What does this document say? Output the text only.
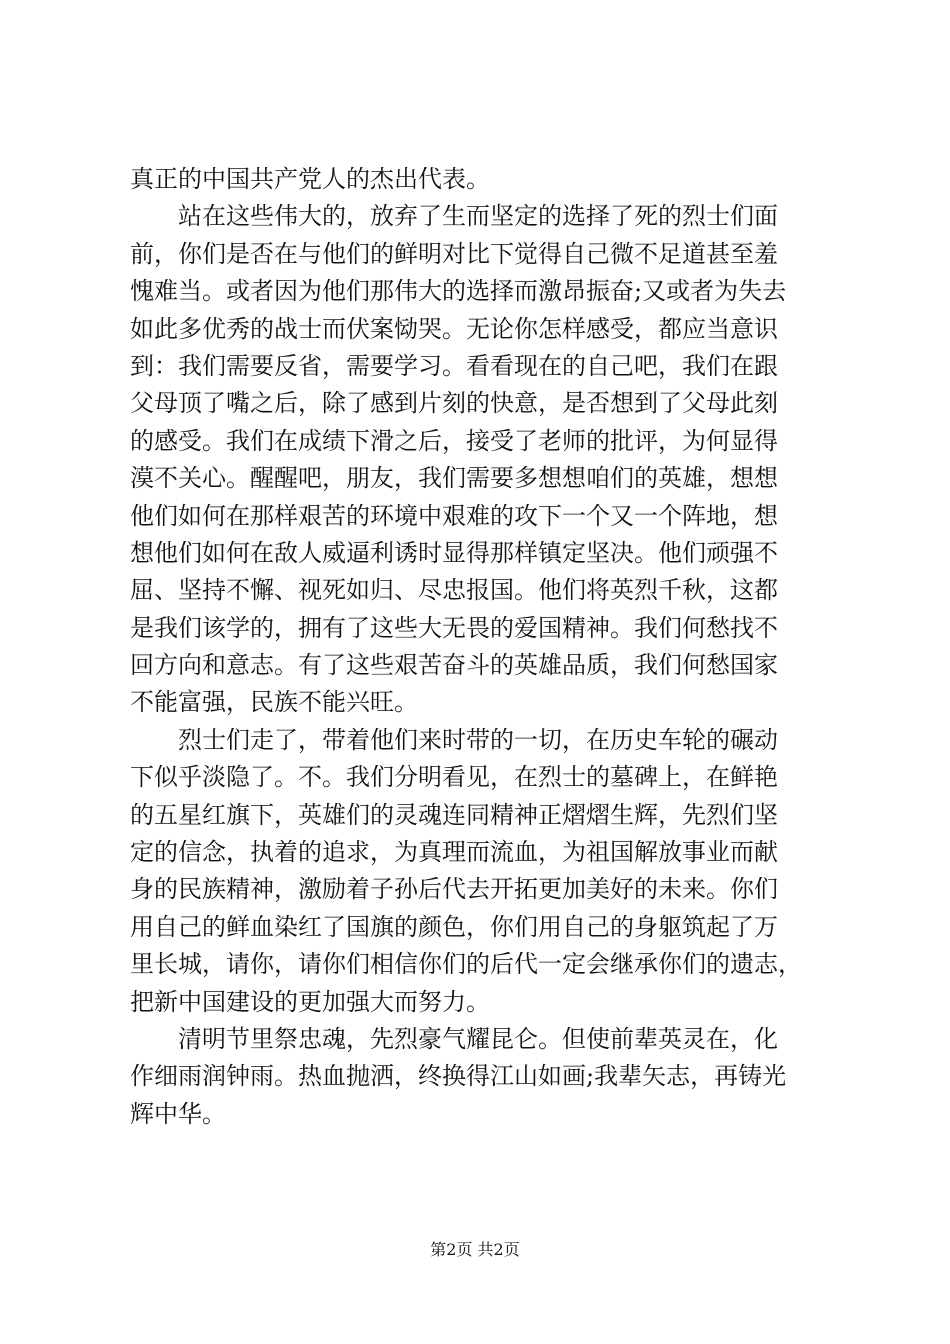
真正的中国共产党人的杰出代表。
站在这些伟大的，放弃了生而坚定的选择了死的烈士们面
前，你们是否在与他们的鲜明对比下觉得自己微不足道甚至羞
愧难当。或者因为他们那伟大的选择而激昂振奋;又或者为失去
如此多优秀的战士而伏案恸哭。无论你怎样感受，都应当意识
到：我们需要反省，需要学习。看看现在的自己吧，我们在跟
父母顶了嘴之后，除了感到片刻的快意，是否想到了父母此刻
的感受。我们在成绩下滑之后，接受了老师的批评，为何显得
漠不关心。醒醒吧，朋友，我们需要多想想咱们的英雄，想想
他们如何在那样艰苦的环境中艰难的攻下一个又一个阵地，想
想他们如何在敌人威逼利诱时显得那样镇定坚决。他们顽强不
屈、坚持不懈、视死如归、尽忠报国。他们将英烈千秋，这都
是我们该学的，拥有了这些大无畏的爱国精神。我们何愁找不
回方向和意志。有了这些艰苦奋斗的英雄品质，我们何愁国家
不能富强，民族不能兴旺。
烈士们走了，带着他们来时带的一切，在历史车轮的碾动
下似乎淡隐了。不。我们分明看见，在烈士的墓碑上，在鲜艳
的五星红旗下，英雄们的灵魂连同精神正熠熠生辉，先烈们坚
定的信念，执着的追求，为真理而流血，为祖国解放事业而献
身的民族精神，激励着子孙后代去开拓更加美好的未来。你们
用自己的鲜血染红了国旗的颜色，你们用自己的身躯筑起了万
里长城，请你，请你们相信你们的后代一定会继承你们的遗志，
把新中国建设的更加强大而努力。
清明节里祭忠魂，先烈豪气耀昆仑。但使前辈英灵在，化
作细雨润钟雨。热血抛洒，终换得江山如画;我辈矢志，再铸光
辉中华。
第2页 共2页
